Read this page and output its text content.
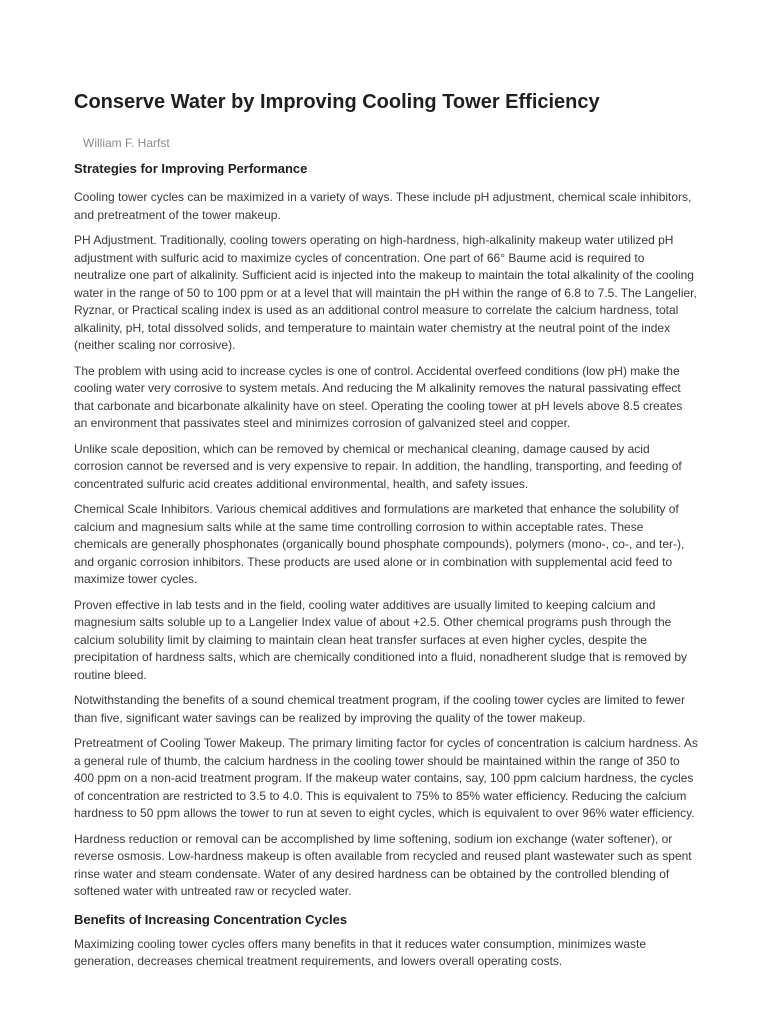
Conserve Water by Improving Cooling Tower Efficiency
William F. Harfst
Strategies for Improving Performance

Cooling tower cycles can be maximized in a variety of ways. These include pH adjustment, chemical scale inhibitors, and pretreatment of the tower makeup.

PH Adjustment. Traditionally, cooling towers operating on high-hardness, high-alkalinity makeup water utilized pH adjustment with sulfuric acid to maximize cycles of concentration. One part of 66° Baume acid is required to neutralize one part of alkalinity. Sufficient acid is injected into the makeup to maintain the total alkalinity of the cooling water in the range of 50 to 100 ppm or at a level that will maintain the pH within the range of 6.8 to 7.5. The Langelier, Ryznar, or Practical scaling index is used as an additional control measure to correlate the calcium hardness, total alkalinity, pH, total dissolved solids, and temperature to maintain water chemistry at the neutral point of the index (neither scaling nor corrosive).

The problem with using acid to increase cycles is one of control. Accidental overfeed conditions (low pH) make the cooling water very corrosive to system metals. And reducing the M alkalinity removes the natural passivating effect that carbonate and bicarbonate alkalinity have on steel. Operating the cooling tower at pH levels above 8.5 creates an environment that passivates steel and minimizes corrosion of galvanized steel and copper.

Unlike scale deposition, which can be removed by chemical or mechanical cleaning, damage caused by acid corrosion cannot be reversed and is very expensive to repair. In addition, the handling, transporting, and feeding of concentrated sulfuric acid creates additional environmental, health, and safety issues.

Chemical Scale Inhibitors. Various chemical additives and formulations are marketed that enhance the solubility of calcium and magnesium salts while at the same time controlling corrosion to within acceptable rates. These chemicals are generally phosphonates (organically bound phosphate compounds), polymers (mono-, co-, and ter-), and organic corrosion inhibitors. These products are used alone or in combination with supplemental acid feed to maximize tower cycles.

Proven effective in lab tests and in the field, cooling water additives are usually limited to keeping calcium and magnesium salts soluble up to a Langelier Index value of about +2.5. Other chemical programs push through the calcium solubility limit by claiming to maintain clean heat transfer surfaces at even higher cycles, despite the precipitation of hardness salts, which are chemically conditioned into a fluid, nonadherent sludge that is removed by routine bleed.

Notwithstanding the benefits of a sound chemical treatment program, if the cooling tower cycles are limited to fewer than five, significant water savings can be realized by improving the quality of the tower makeup.

Pretreatment of Cooling Tower Makeup. The primary limiting factor for cycles of concentration is calcium hardness. As a general rule of thumb, the calcium hardness in the cooling tower should be maintained within the range of 350 to 400 ppm on a non-acid treatment program. If the makeup water contains, say, 100 ppm calcium hardness, the cycles of concentration are restricted to 3.5 to 4.0. This is equivalent to 75% to 85% water efficiency. Reducing the calcium hardness to 50 ppm allows the tower to run at seven to eight cycles, which is equivalent to over 96% water efficiency.

Hardness reduction or removal can be accomplished by lime softening, sodium ion exchange (water softener), or reverse osmosis. Low-hardness makeup is often available from recycled and reused plant wastewater such as spent rinse water and steam condensate. Water of any desired hardness can be obtained by the controlled blending of softened water with untreated raw or recycled water.

Benefits of Increasing Concentration Cycles

Maximizing cooling tower cycles offers many benefits in that it reduces water consumption, minimizes waste generation, decreases chemical treatment requirements, and lowers overall operating costs.
